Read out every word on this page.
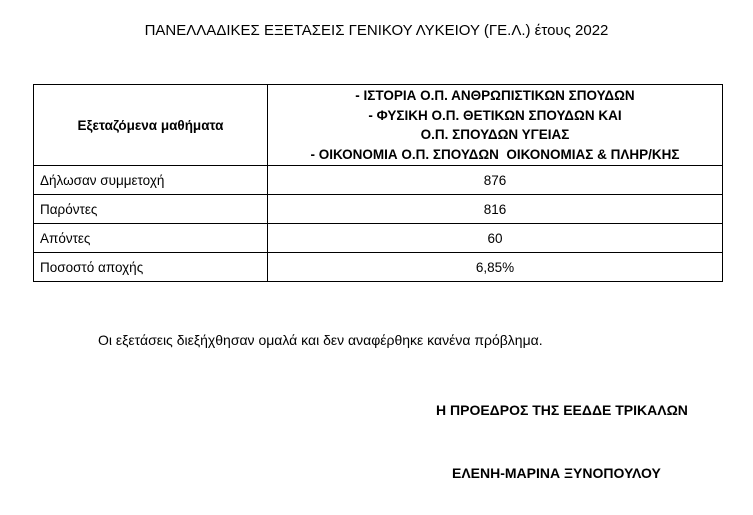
ΠΑΝΕΛΛΑΔΙΚΕΣ ΕΞΕΤΑΣΕΙΣ ΓΕΝΙΚΟΥ ΛΥΚΕΙΟΥ (ΓΕ.Λ.) έτους 2022
Εξεταζόμενα μαθήματα	- ΙΣΤΟΡΙΑ Ο.Π. ΑΝΘΡΩΠΙΣΤΙΚΩΝ ΣΠΟΥΔΩΝ
- ΦΥΣΙΚΗ Ο.Π. ΘΕΤΙΚΩΝ ΣΠΟΥΔΩΝ ΚΑΙ
Ο.Π. ΣΠΟΥΔΩΝ ΥΓΕΙΑΣ
- ΟΙΚΟΝΟΜΙΑ Ο.Π. ΣΠΟΥΔΩΝ  ΟΙΚΟΝΟΜΙΑΣ & ΠΛΗΡ/ΚΗΣ

Δήλωσαν συμμετοχή	876
Παρόντες	816
Απόντες	60
Ποσοστό αποχής	6,85%
Οι εξετάσεις διεξήχθησαν ομαλά και δεν αναφέρθηκε κανένα πρόβλημα.
Η ΠΡΟΕΔΡΟΣ ΤΗΣ ΕΕΔΔΕ ΤΡΙΚΑΛΩΝ
ΕΛΕΝΗ-ΜΑΡΙΝΑ ΞΥΝΟΠΟΥΛΟΥ
